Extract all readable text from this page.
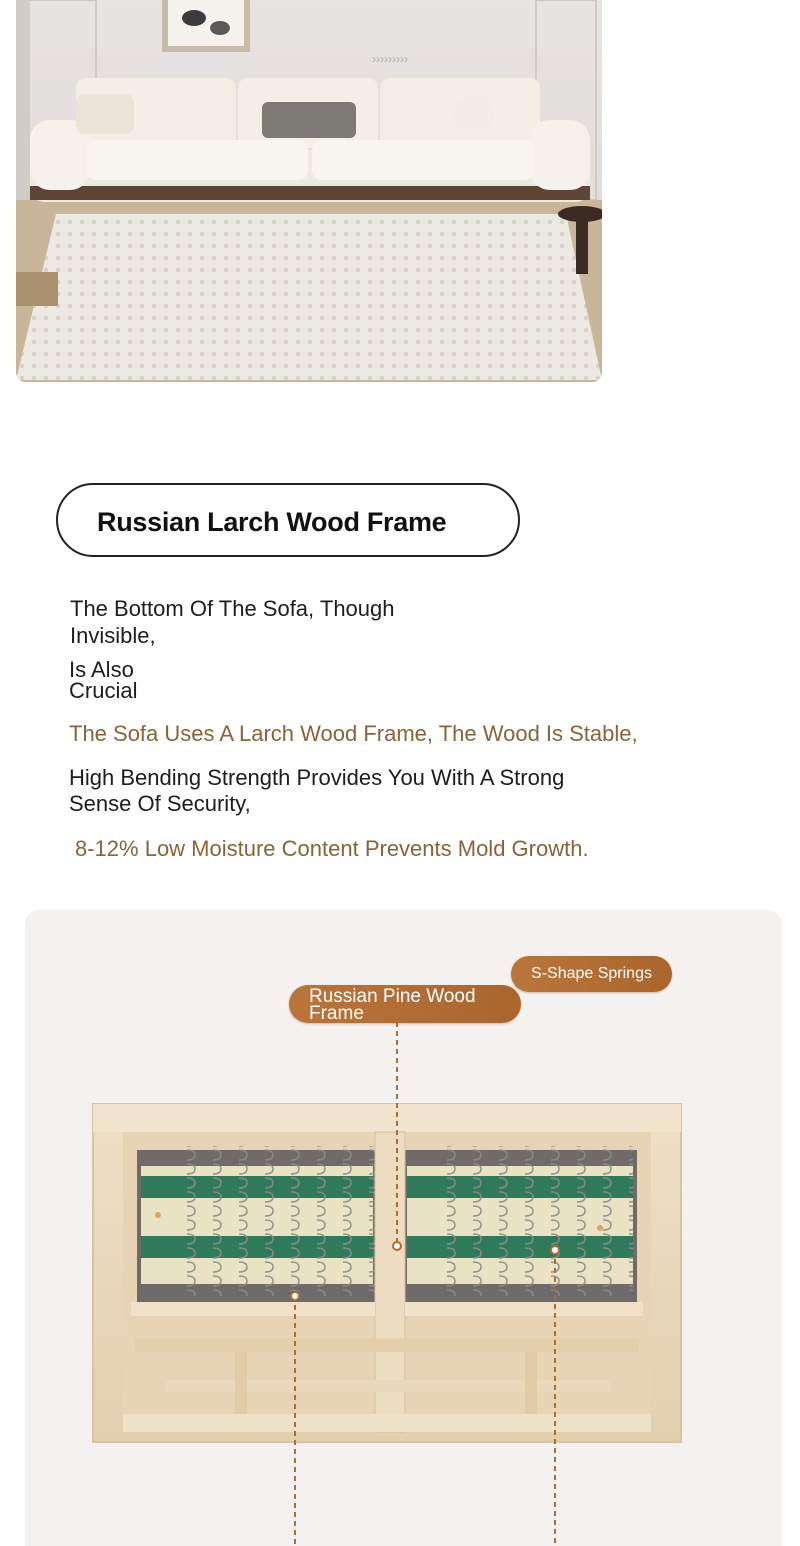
›››››››››
Russian Larch Wood Frame
The Bottom Of The Sofa, Though
Invisible,
Is Also
Crucial
The Sofa Uses A Larch Wood Frame, The Wood Is Stable,
High Bending Strength Provides You With A Strong
Sense Of Security,
8-12% Low Moisture Content Prevents Mold Growth.
S-Shape Springs
Russian Pine Wood
Frame
